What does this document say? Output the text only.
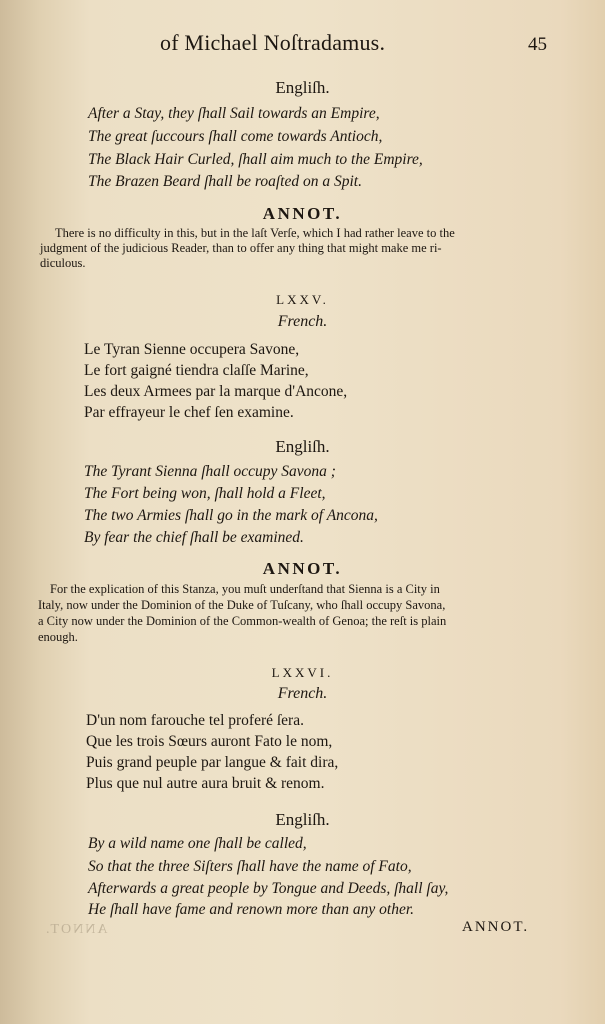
of Michael Noſtradamus.	45
Engliſh.
After a Stay, they ſhall Sail towards an Empire,
The great ſuccours ſhall come towards Antioch,
The Black Hair Curled, ſhall aim much to the Empire,
The Brazen Beard ſhall be roaſted on a Spit.
ANNOT.
There is no difficulty in this, but in the laſt Verſe, which I had rather leave to the
judgment of the judicious Reader, than to offer any thing that might make me ri-
diculous.
LXXV.
French.
Le Tyran Sienne occupera Savone,
Le fort gaigné tiendra claſſe Marine,
Les deux Armees par la marque d'Ancone,
Par effrayeur le chef ſen examine.
Engliſh.
The Tyrant Sienna ſhall occupy Savona ;
The Fort being won, ſhall hold a Fleet,
The two Armies ſhall go in the mark of Ancona,
By fear the chief ſhall be examined.
ANNOT.
For the explication of this Stanza, you muſt underſtand that Sienna is a City in
Italy, now under the Dominion of the Duke of Tuſcany, who ſhall occupy Savona,
a City now under the Dominion of the Common-wealth of Genoa; the reſt is plain
enough.
LXXVI.
French.
D'un nom farouche tel proferé ſera.
Que les trois Sœurs auront Fato le nom,
Puis grand peuple par langue & fait dira,
Plus que nul autre aura bruit & renom.
Engliſh.
By a wild name one ſhall be called,
So that the three Siſters ſhall have the name of Fato,
Afterwards a great people by Tongue and Deeds, ſhall ſay,
He ſhall have fame and renown more than any other.
ANNOT.	ANNOT.
